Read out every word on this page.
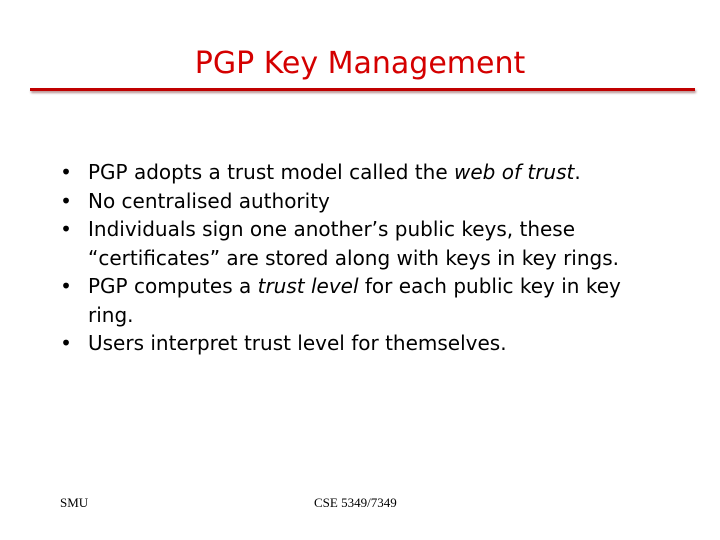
PGP Key Management
• PGP adopts a trust model called the web of trust.
• No centralised authority
• Individuals sign one another’s public keys, these “certificates” are stored along with keys in key rings.
• PGP computes a trust level for each public key in key ring.
• Users interpret trust level for themselves.
SMU	CSE 5349/7349
